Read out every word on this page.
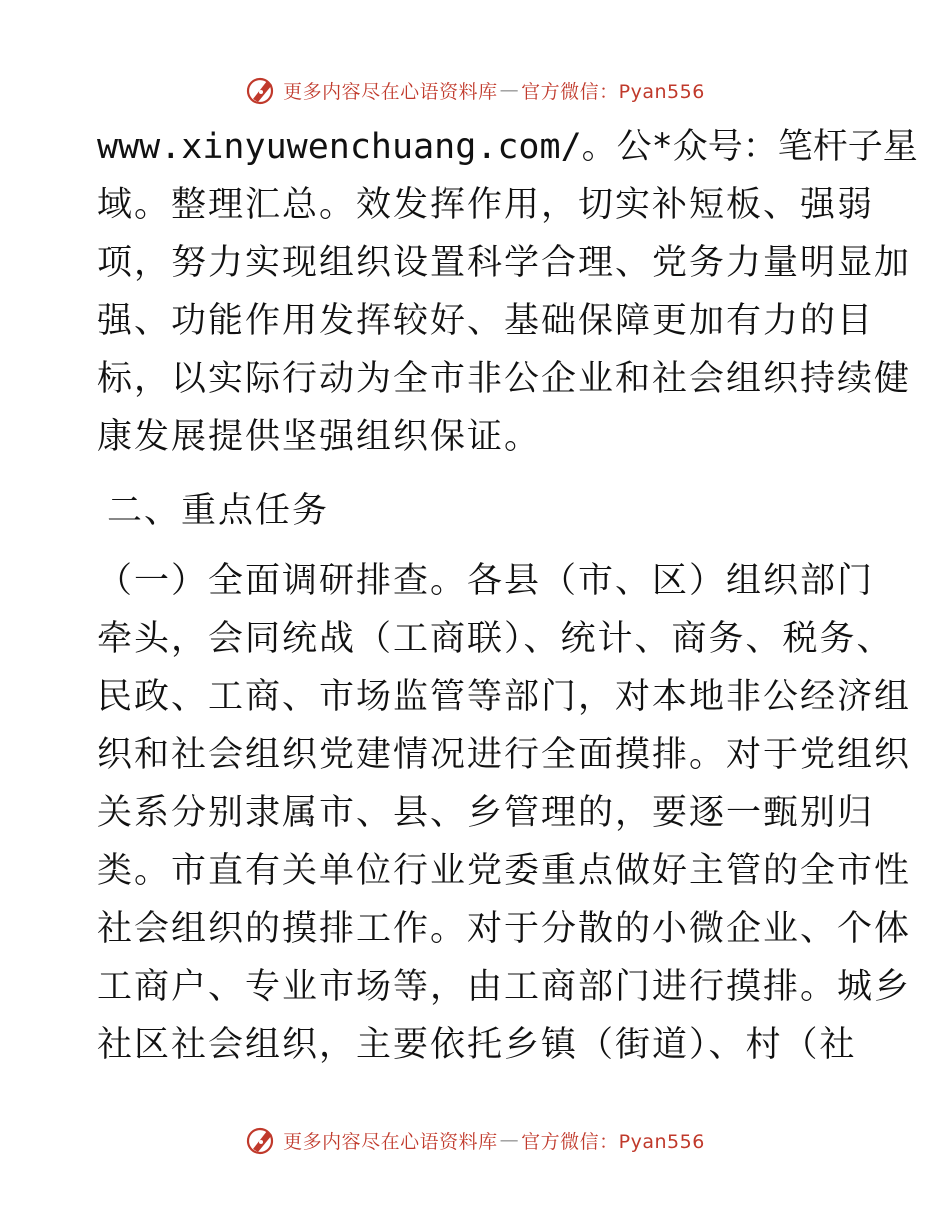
更多内容尽在心语资料库 — 官方微信：Pyan556
www.xinyuwenchuang.com/。公*众号：笔杆子星
域。整理汇总。效发挥作用，切实补短板、强弱
项，努力实现组织设置科学合理、党务力量明显加
强、功能作用发挥较好、基础保障更加有力的目
标，以实际行动为全市非公企业和社会组织持续健
康发展提供坚强组织保证。
二、重点任务
（一）全面调研排查。各县（市、区）组织部门
牵头，会同统战（工商联）、统计、商务、税务、
民政、工商、市场监管等部门，对本地非公经济组
织和社会组织党建情况进行全面摸排。对于党组织
关系分别隶属市、县、乡管理的，要逐一甄别归
类。市直有关单位行业党委重点做好主管的全市性
社会组织的摸排工作。对于分散的小微企业、个体
工商户、专业市场等，由工商部门进行摸排。城乡
社区社会组织，主要依托乡镇（街道）、村（社
更多内容尽在心语资料库 — 官方微信：Pyan556
